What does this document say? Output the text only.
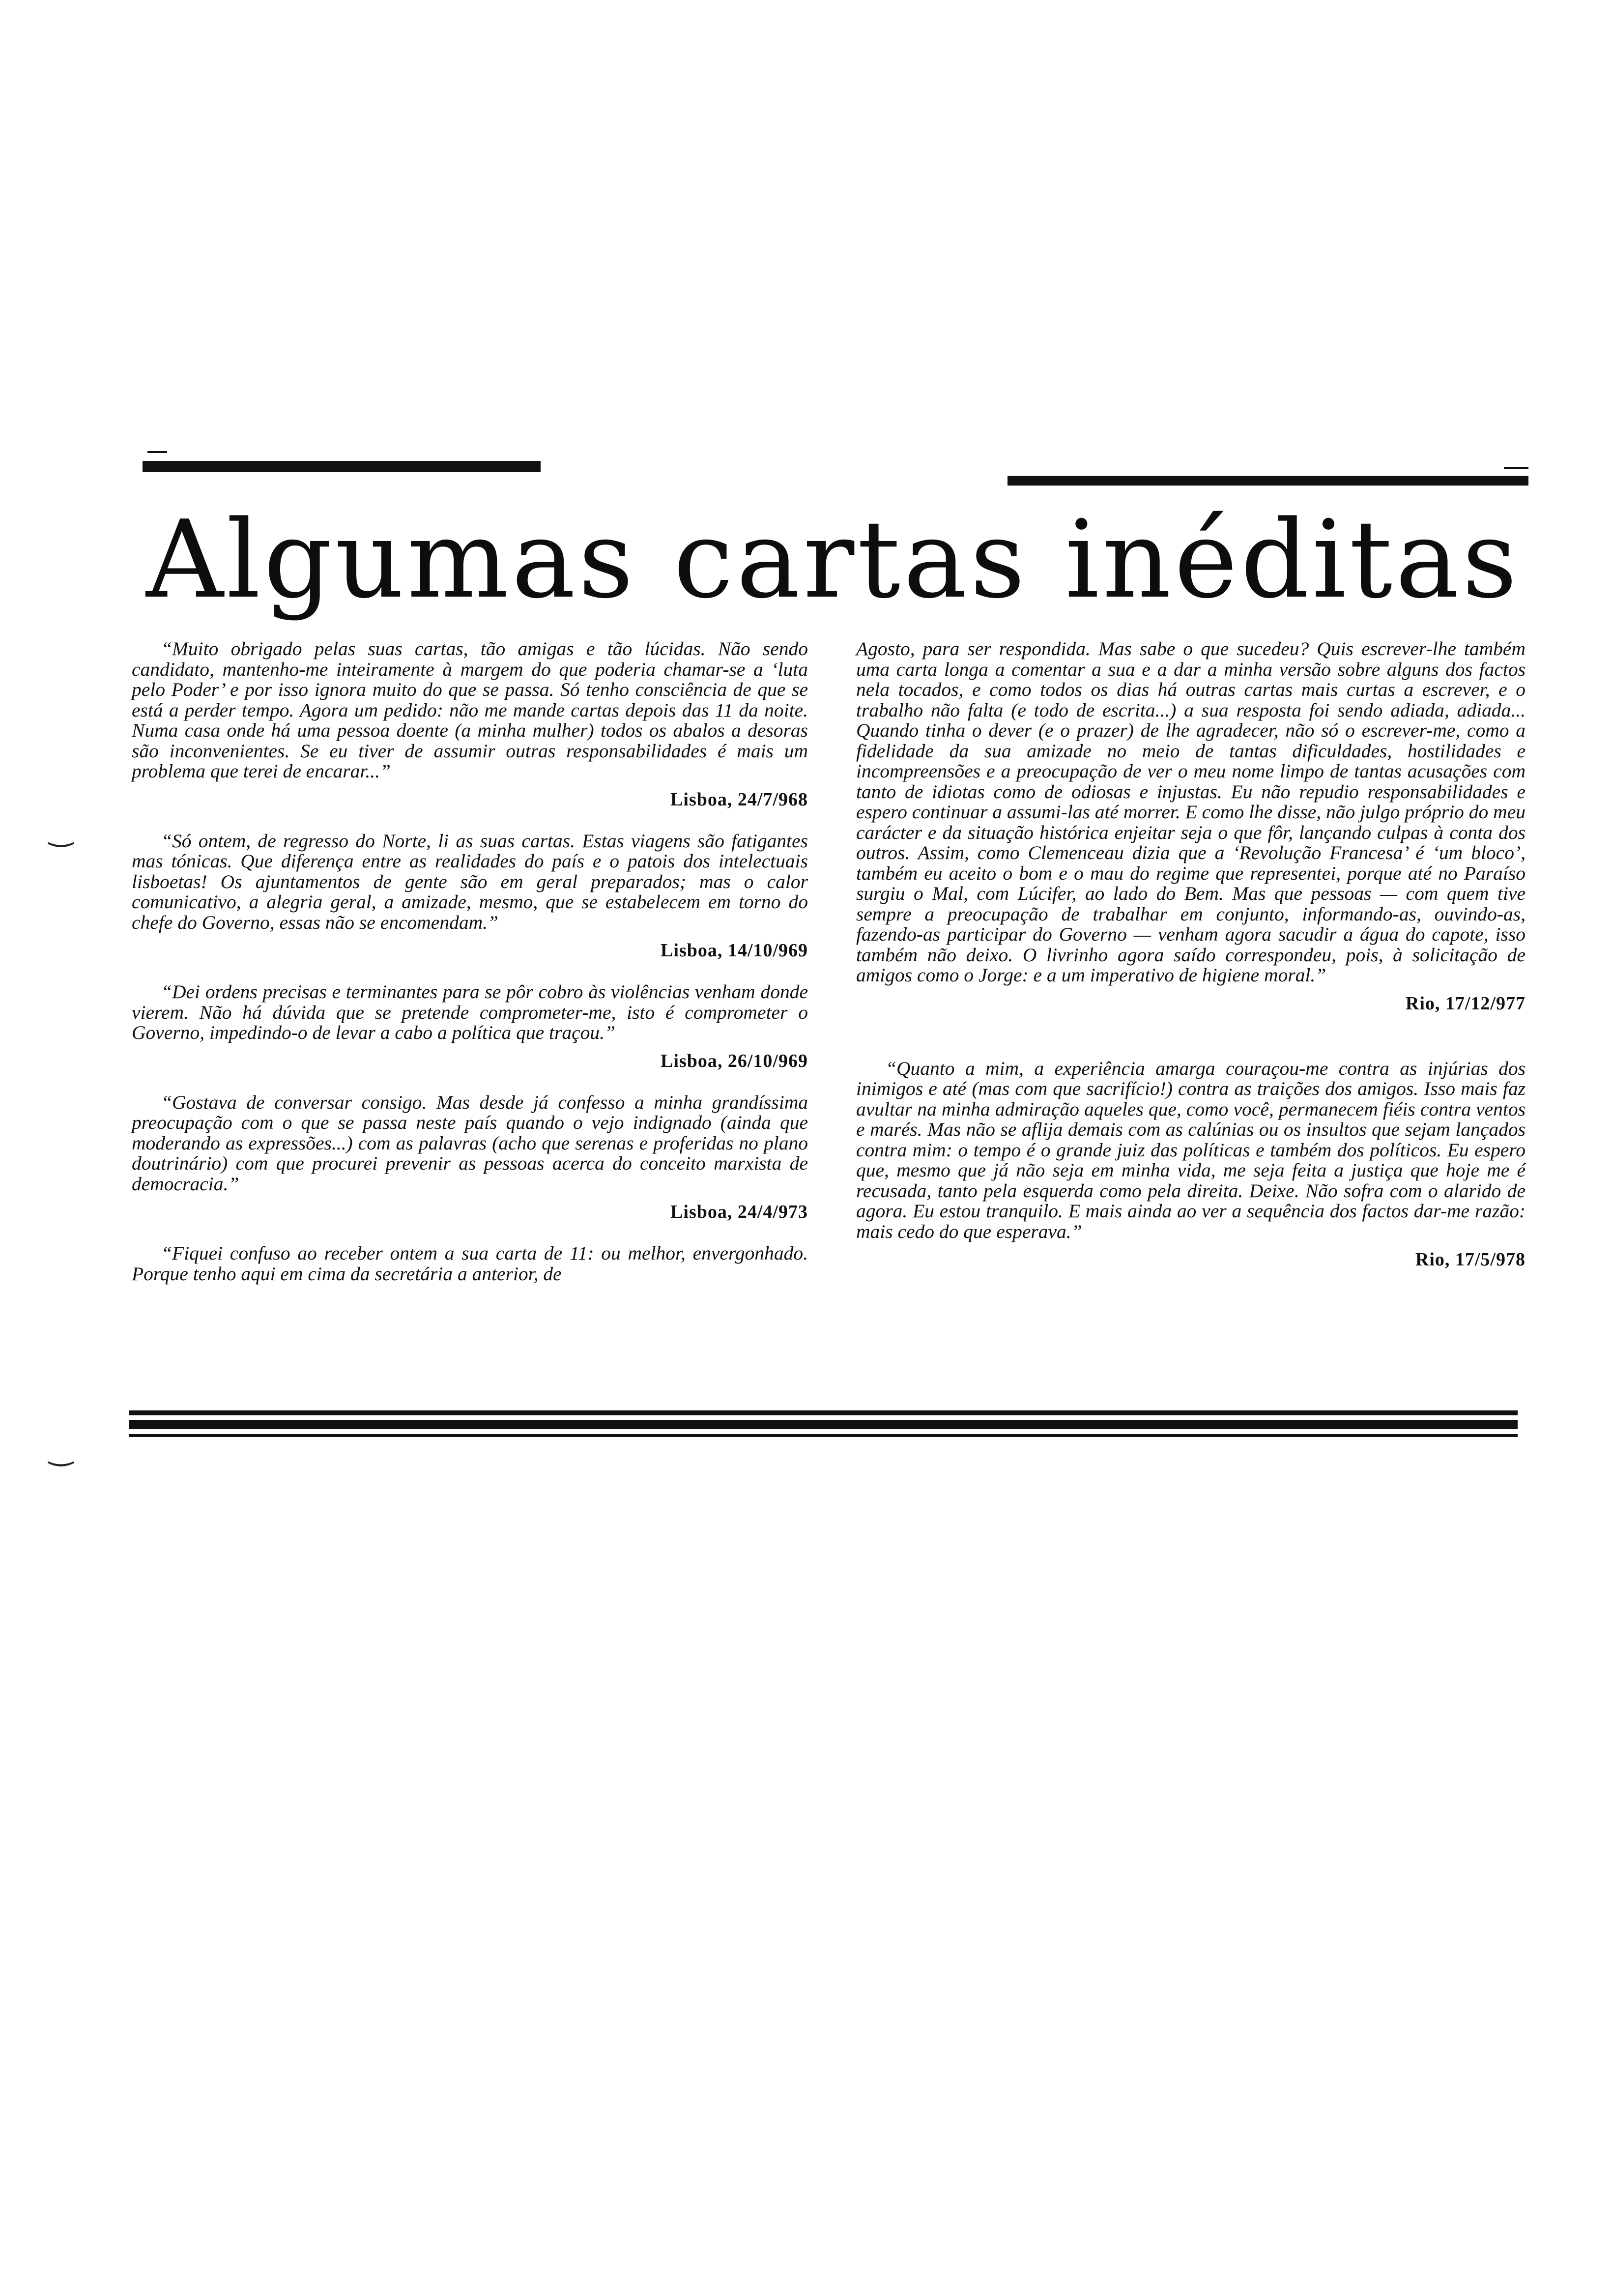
Algumas cartas inéditas

“Muito obrigado pelas suas cartas, tão amigas e tão lúcidas. Não sendo candidato, mantenho-me inteiramente à margem do que poderia chamar-se a ‘luta pelo Poder’ e por isso ignora muito do que se passa. Só tenho consciência de que se está a perder tempo. Agora um pedido: não me mande cartas depois das 11 da noite. Numa casa onde há uma pessoa doente (a minha mulher) todos os abalos a desoras são inconvenientes. Se eu tiver de assumir outras responsabilidades é mais um problema que terei de encarar...”

Lisboa, 24/7/968

“Só ontem, de regresso do Norte, li as suas cartas. Estas viagens são fatigantes mas tónicas. Que diferença entre as realidades do país e o patois dos intelectuais lisboetas! Os ajuntamentos de gente são em geral preparados; mas o calor comunicativo, a alegria geral, a amizade, mesmo, que se estabelecem em torno do chefe do Governo, essas não se encomendam.”

Lisboa, 14/10/969

“Dei ordens precisas e terminantes para se pôr cobro às violências venham donde vierem. Não há dúvida que se pretende comprometer-me, isto é comprometer o Governo, impedindo-o de levar a cabo a política que traçou.”

Lisboa, 26/10/969

“Gostava de conversar consigo. Mas desde já confesso a minha grandíssima preocupação com o que se passa neste país quando o vejo indignado (ainda que moderando as expressões...) com as palavras (acho que serenas e proferidas no plano doutrinário) com que procurei prevenir as pessoas acerca do conceito marxista de democracia.”

Lisboa, 24/4/973

“Fiquei confuso ao receber ontem a sua carta de 11: ou melhor, envergonhado. Porque tenho aqui em cima da secretária a anterior, de

Agosto, para ser respondida. Mas sabe o que sucedeu? Quis escrever-lhe também uma carta longa a comentar a sua e a dar a minha versão sobre alguns dos factos nela tocados, e como todos os dias há outras cartas mais curtas a escrever, e o trabalho não falta (e todo de escrita...) a sua resposta foi sendo adiada, adiada... Quando tinha o dever (e o prazer) de lhe agradecer, não só o escrever-me, como a fidelidade da sua amizade no meio de tantas dificuldades, hostilidades e incompreensões e a preocupação de ver o meu nome limpo de tantas acusações com tanto de idiotas como de odiosas e injustas. Eu não repudio responsabilidades e espero continuar a assumi-las até morrer. E como lhe disse, não julgo próprio do meu carácter e da situação histórica enjeitar seja o que fôr, lançando culpas à conta dos outros. Assim, como Clemenceau dizia que a ‘Revolução Francesa’ é ‘um bloco’, também eu aceito o bom e o mau do regime que representei, porque até no Paraíso surgiu o Mal, com Lúcifer, ao lado do Bem. Mas que pessoas — com quem tive sempre a preocupação de trabalhar em conjunto, informando-as, ouvindo-as, fazendo-as participar do Governo — venham agora sacudir a água do capote, isso também não deixo. O livrinho agora saído correspondeu, pois, à solicitação de amigos como o Jorge: e a um imperativo de higiene moral.”

Rio, 17/12/977

“Quanto a mim, a experiência amarga couraçou-me contra as injúrias dos inimigos e até (mas com que sacrifício!) contra as traições dos amigos. Isso mais faz avultar na minha admiração aqueles que, como você, permanecem fiéis contra ventos e marés. Mas não se aflija demais com as calúnias ou os insultos que sejam lançados contra mim: o tempo é o grande juiz das políticas e também dos políticos. Eu espero que, mesmo que já não seja em minha vida, me seja feita a justiça que hoje me é recusada, tanto pela esquerda como pela direita. Deixe. Não sofra com o alarido de agora. Eu estou tranquilo. E mais ainda ao ver a sequência dos factos dar-me razão: mais cedo do que esperava.”

Rio, 17/5/978
‿
‿
